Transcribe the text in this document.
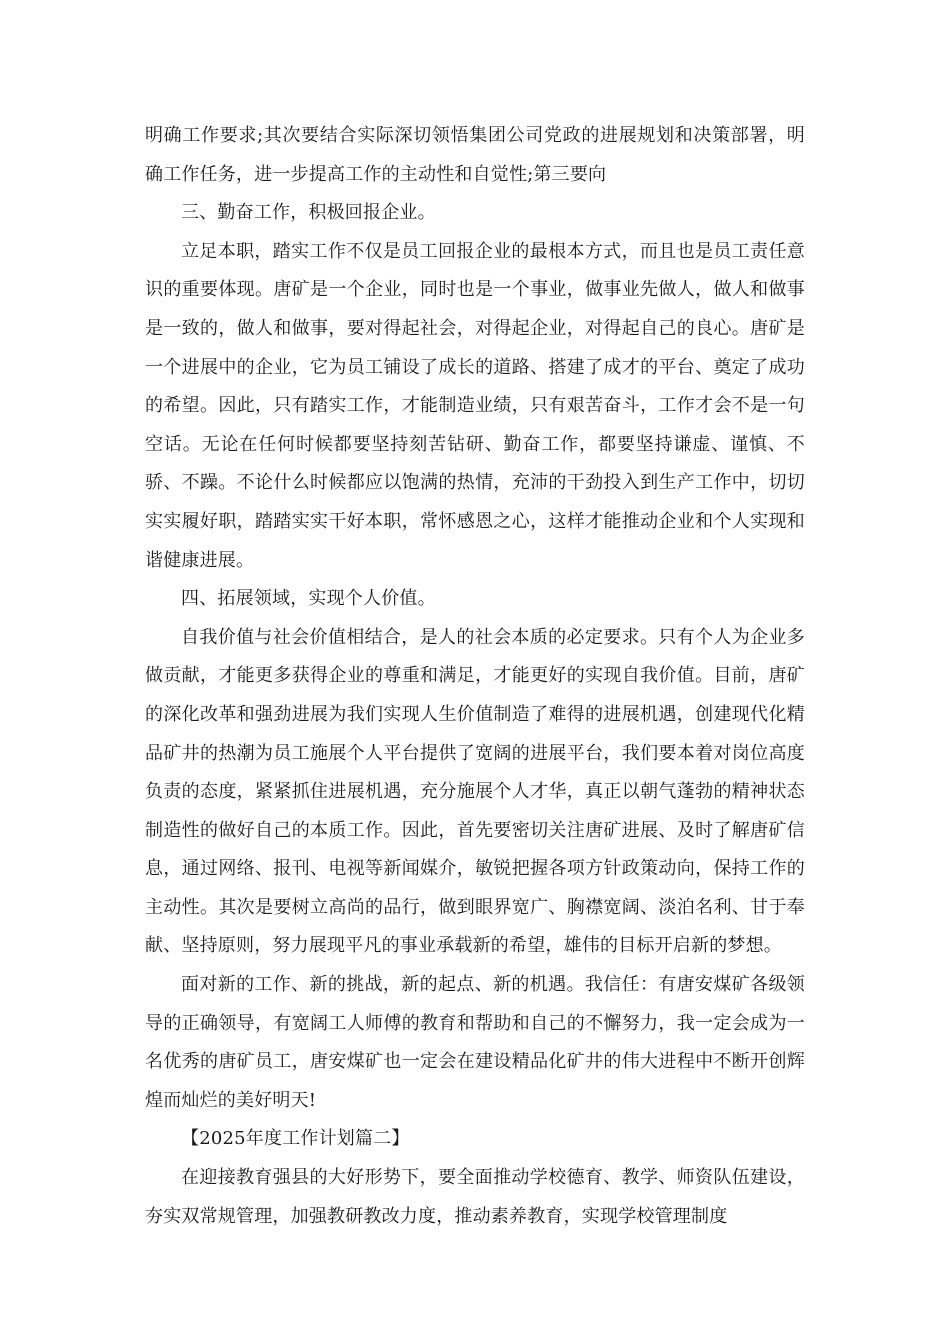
明确工作要求;其次要结合实际深切领悟集团公司党政的进展规划和决策部署，明确工作任务，进一步提高工作的主动性和自觉性;第三要向

三、勤奋工作，积极回报企业。

立足本职，踏实工作不仅是员工回报企业的最根本方式，而且也是员工责任意识的重要体现。唐矿是一个企业，同时也是一个事业，做事业先做人，做人和做事是一致的，做人和做事，要对得起社会，对得起企业，对得起自己的良心。唐矿是一个进展中的企业，它为员工铺设了成长的道路、搭建了成才的平台、奠定了成功的希望。因此，只有踏实工作，才能制造业绩，只有艰苦奋斗，工作才会不是一句空话。无论在任何时候都要坚持刻苦钻研、勤奋工作，都要坚持谦虚、谨慎、不骄、不躁。不论什么时候都应以饱满的热情，充沛的干劲投入到生产工作中，切切实实履好职，踏踏实实干好本职，常怀感恩之心，这样才能推动企业和个人实现和谐健康进展。

四、拓展领域，实现个人价值。

自我价值与社会价值相结合，是人的社会本质的必定要求。只有个人为企业多做贡献，才能更多获得企业的尊重和满足，才能更好的实现自我价值。目前，唐矿的深化改革和强劲进展为我们实现人生价值制造了难得的进展机遇，创建现代化精品矿井的热潮为员工施展个人平台提供了宽阔的进展平台，我们要本着对岗位高度负责的态度，紧紧抓住进展机遇，充分施展个人才华，真正以朝气蓬勃的精神状态制造性的做好自己的本质工作。因此，首先要密切关注唐矿进展、及时了解唐矿信息，通过网络、报刊、电视等新闻媒介，敏锐把握各项方针政策动向，保持工作的主动性。其次是要树立高尚的品行，做到眼界宽广、胸襟宽阔、淡泊名利、甘于奉献、坚持原则，努力展现平凡的事业承载新的希望，雄伟的目标开启新的梦想。

面对新的工作、新的挑战，新的起点、新的机遇。我信任：有唐安煤矿各级领导的正确领导，有宽阔工人师傅的教育和帮助和自己的不懈努力，我一定会成为一名优秀的唐矿员工，唐安煤矿也一定会在建设精品化矿井的伟大进程中不断开创辉煌而灿烂的美好明天!

【2025年度工作计划篇二】

在迎接教育强县的大好形势下，要全面推动学校德育、教学、师资队伍建设，夯实双常规管理，加强教研教改力度，推动素养教育，实现学校管理制度
